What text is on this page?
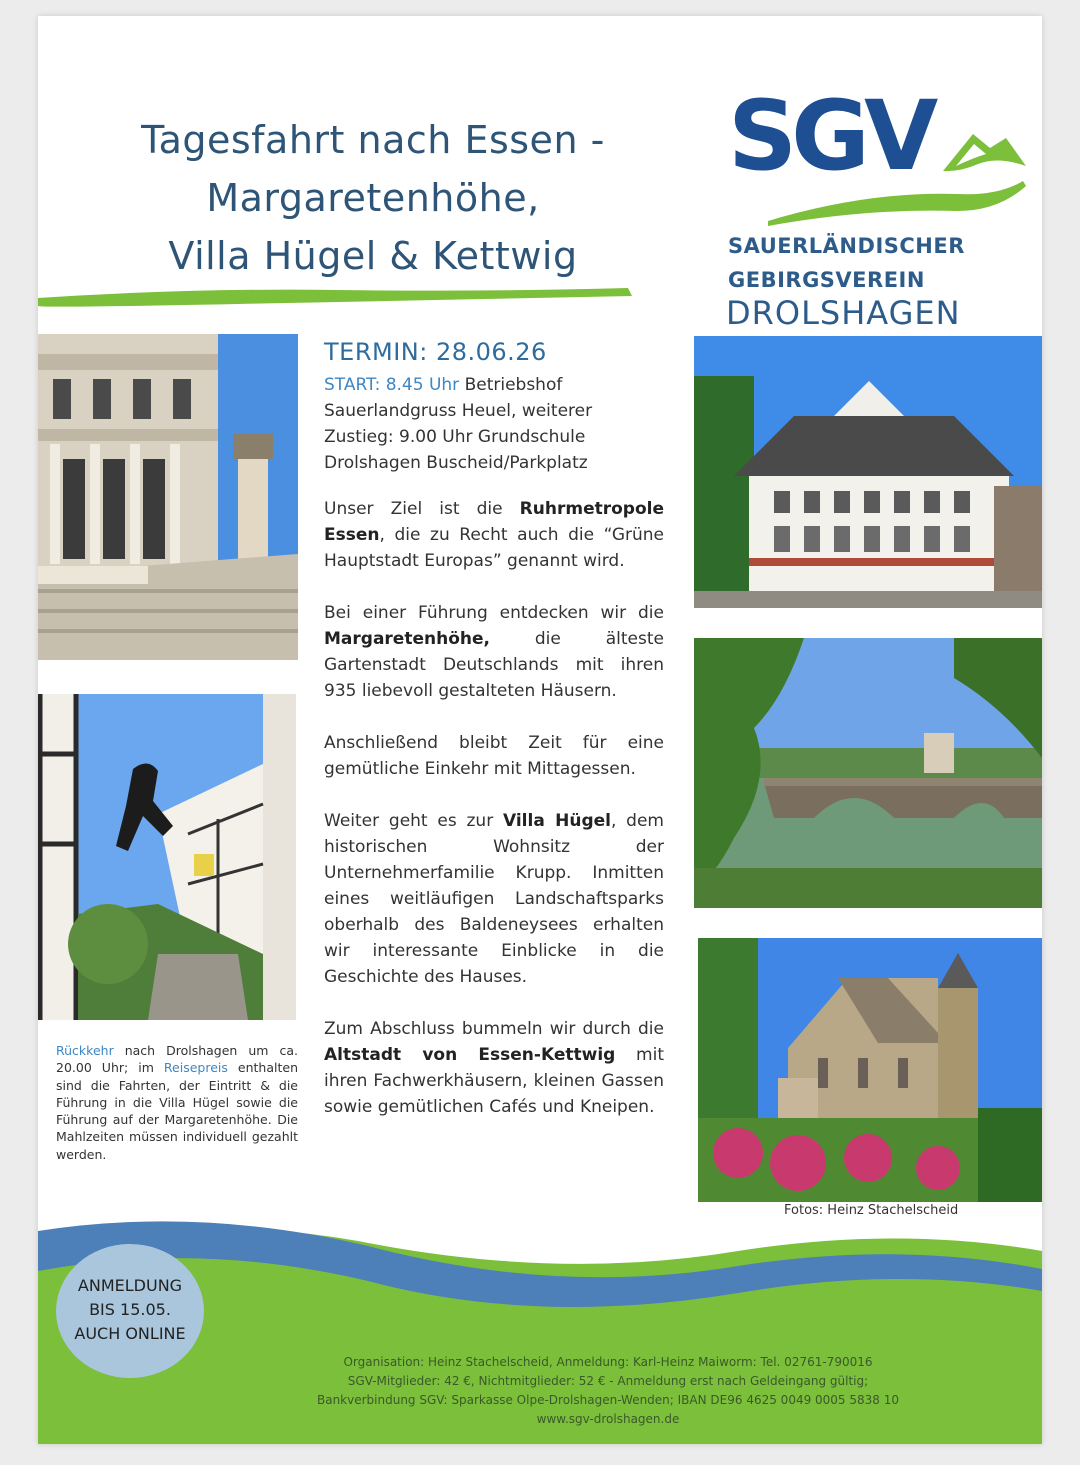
Tagesfahrt nach Essen -
Margaretenhöhe,
Villa Hügel & Kettwig
SGV
SAUERLÄNDISCHER
GEBIRGSVEREIN
DROLSHAGEN
TERMIN: 28.06.26
START: 8.45 Uhr Betriebshof Sauerlandgruss Heuel, weiterer Zustieg: 9.00 Uhr Grundschule Drolshagen Buscheid/Parkplatz

Unser Ziel ist die Ruhrmetropole Essen, die zu Recht auch die “Grüne Hauptstadt Europas” genannt wird.

Bei einer Führung entdecken wir die Margaretenhöhe, die älteste Gartenstadt Deutschlands mit ihren 935 liebevoll gestalteten Häusern.

Anschließend bleibt Zeit für eine gemütliche Einkehr mit Mittagessen.

Weiter geht es zur Villa Hügel, dem historischen Wohnsitz der Unternehmerfamilie Krupp. Inmitten eines weitläufigen Landschaftsparks oberhalb des Baldeneysees erhalten wir interessante Einblicke in die Geschichte des Hauses.

Zum Abschluss bummeln wir durch die Altstadt von Essen-Kettwig mit ihren Fachwerkhäusern, kleinen Gassen sowie gemütlichen Cafés und Kneipen.

Rückkehr nach Drolshagen um ca. 20.00 Uhr; im Reisepreis enthalten sind die Fahrten, der Eintritt & die Führung in die Villa Hügel sowie die Führung auf der Margaretenhöhe. Die Mahlzeiten müssen individuell gezahlt werden.
Fotos: Heinz Stachelscheid
ANMELDUNG
BIS 15.05.
AUCH ONLINE
Organisation: Heinz Stachelscheid, Anmeldung: Karl-Heinz Maiworm: Tel. 02761-790016
SGV-Mitglieder: 42 €, Nichtmitglieder: 52 € - Anmeldung erst nach Geldeingang gültig;
Bankverbindung SGV: Sparkasse Olpe-Drolshagen-Wenden; IBAN DE96 4625 0049 0005 5838 10
www.sgv-drolshagen.de
